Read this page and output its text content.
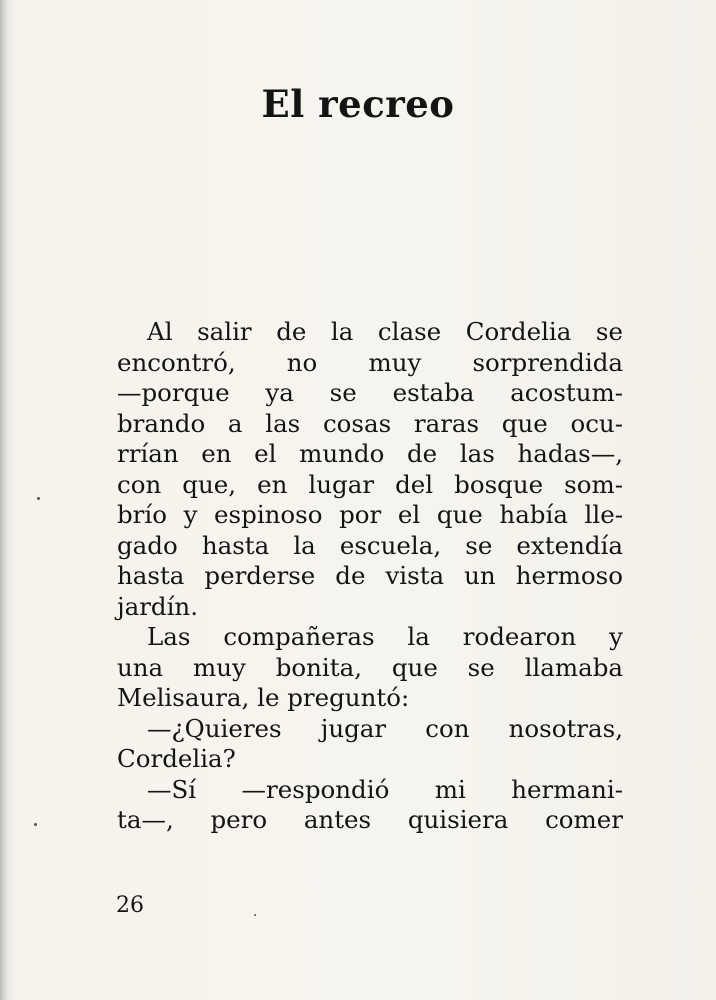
El recreo
Al salir de la clase Cordelia se
encontró, no muy sorprendida
—porque ya se estaba acostum-
brando a las cosas raras que ocu-
rrían en el mundo de las hadas—,
con que, en lugar del bosque som-
brío y espinoso por el que había lle-
gado hasta la escuela, se extendía
hasta perderse de vista un hermoso
jardín.
Las compañeras la rodearon y
una muy bonita, que se llamaba
Melisaura, le preguntó:
—¿Quieres jugar con nosotras,
Cordelia?
—Sí —respondió mi hermani-
ta—, pero antes quisiera comer

26
